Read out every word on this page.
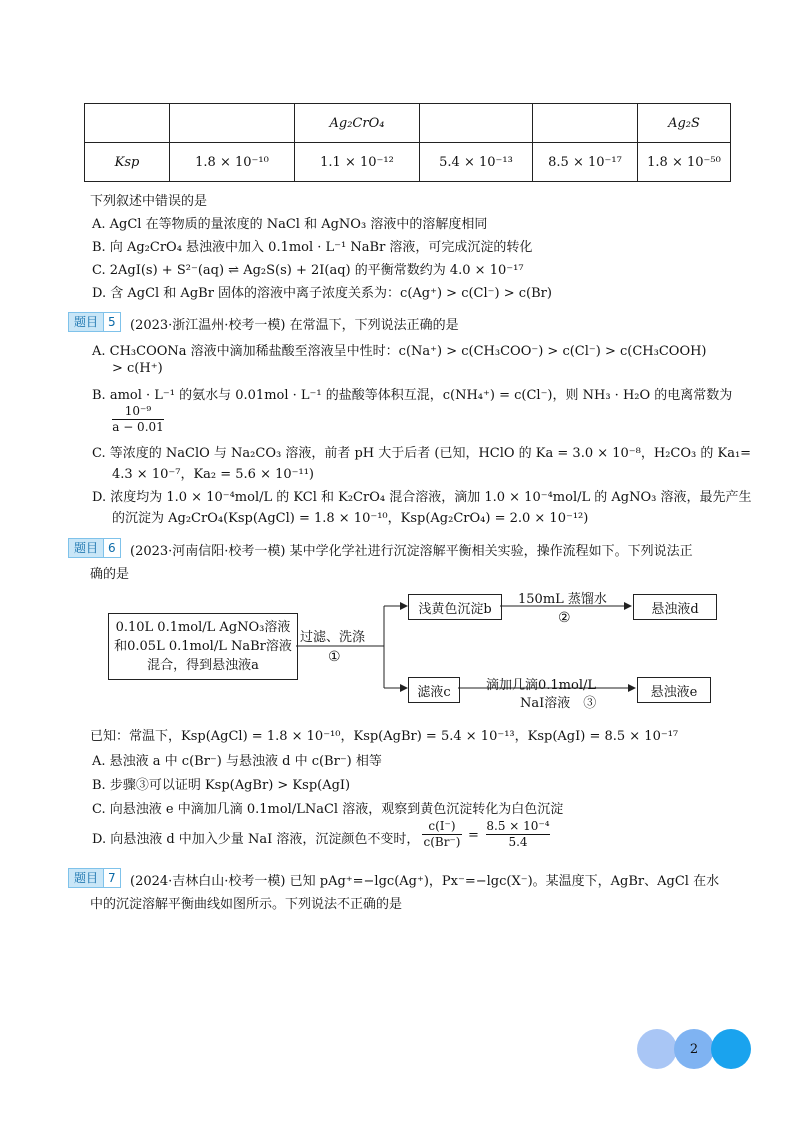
		Ag₂CrO₄			Ag₂S
Ksp	1.8 × 10⁻¹⁰	1.1 × 10⁻¹²	5.4 × 10⁻¹³	8.5 × 10⁻¹⁷	1.8 × 10⁻⁵⁰
下列叙述中错误的是
A. AgCl 在等物质的量浓度的 NaCl 和 AgNO₃ 溶液中的溶解度相同
B. 向 Ag₂CrO₄ 悬浊液中加入 0.1mol · L⁻¹ NaBr 溶液，可完成沉淀的转化
C. 2AgI(s) + S²⁻(aq) ⇌ Ag₂S(s) + 2I(aq) 的平衡常数约为 4.0 × 10⁻¹⁷
D. 含 AgCl 和 AgBr 固体的溶液中离子浓度关系为：c(Ag⁺) > c(Cl⁻) > c(Br)
题目 5	(2023·浙江温州·校考一模) 在常温下，下列说法正确的是
A. CH₃COONa 溶液中滴加稀盐酸至溶液呈中性时：c(Na⁺) > c(CH₃COO⁻) > c(Cl⁻) > c(CH₃COOH)
> c(H⁺)
B. amol · L⁻¹ 的氨水与 0.01mol · L⁻¹ 的盐酸等体积互混，c(NH₄⁺) = c(Cl⁻)，则 NH₃ · H₂O 的电离常数为
$\frac{\text{10⁻⁹}}{a - 0.01}$
C. 等浓度的 NaClO 与 Na₂CO₃ 溶液，前者 pH 大于后者 (已知，HClO 的 Ka = 3.0 × 10⁻⁸，H₂CO₃ 的 Ka₁=
4.3 × 10⁻⁷，Ka₂ = 5.6 × 10⁻¹¹)
D. 浓度均为 1.0 × 10⁻⁴mol/L 的 KCl 和 K₂CrO₄ 混合溶液，滴加 1.0 × 10⁻⁴mol/L 的 AgNO₃ 溶液，最先产生
的沉淀为 Ag₂CrO₄(Ksp(AgCl) = 1.8 × 10⁻¹⁰，Ksp(Ag₂CrO₄) = 2.0 × 10⁻¹²)
题目 6	(2023·河南信阳·校考一模) 某中学化学社进行沉淀溶解平衡相关实验，操作流程如下。下列说法正
确的是
0.10L 0.1mol/L AgNO₃溶液
和0.05L 0.1mol/L NaBr溶液
混合，得到悬浊液a
过滤、洗涤
①
浅黄色沉淀b
150mL 蒸馏水
②
悬浊液d
滤液c	滴加几滴0.1mol/L
NaI溶液　③
悬浊液e
已知：常温下，Ksp(AgCl) = 1.8 × 10⁻¹⁰，Ksp(AgBr) = 5.4 × 10⁻¹³，Ksp(AgI) = 8.5 × 10⁻¹⁷
A. 悬浊液 a 中 c(Br⁻) 与悬浊液 d 中 c(Br⁻) 相等
B. 步骤③可以证明 Ksp(AgBr) > Ksp(AgI)
C. 向悬浊液 e 中滴加几滴 0.1mol/LNaCl 溶液，观察到黄色沉淀转化为白色沉淀
D. 向悬浊液 d 中加入少量 NaI 溶液，沉淀颜色不变时， $\frac{c(I^-)}{c(Br^-)} = \frac{\text{8.5 × 10⁻⁴}}{5.4}$
题目 7	(2024·吉林白山·校考一模) 已知 pAg⁺=−lgc(Ag⁺)，Px⁻=−lgc(X⁻)。某温度下，AgBr、AgCl 在水
中的沉淀溶解平衡曲线如图所示。下列说法不正确的是
2
